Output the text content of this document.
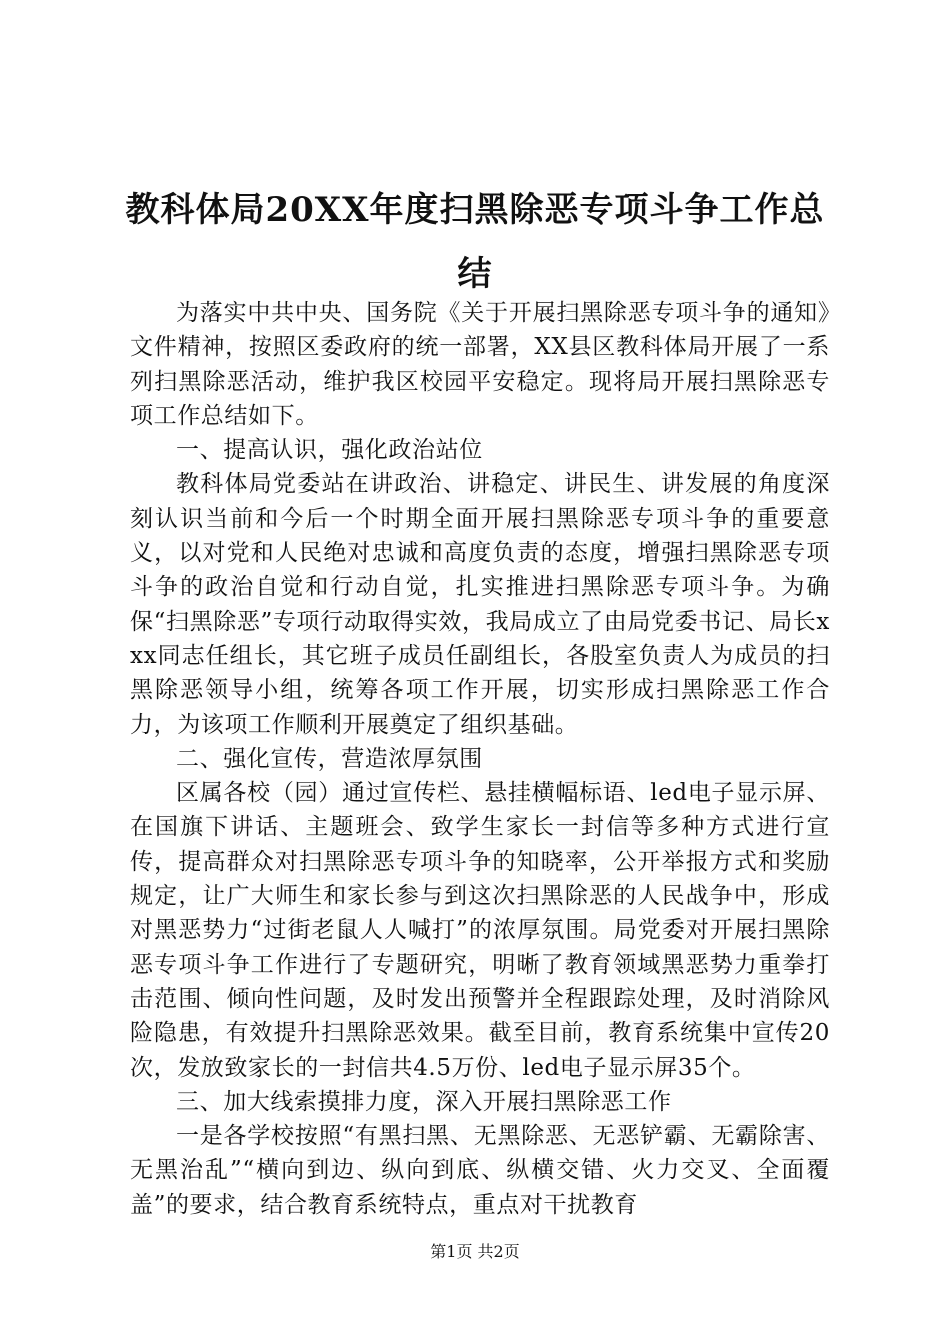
教科体局20XX年度扫黑除恶专项斗争工作总结

为落实中共中央、国务院《关于开展扫黑除恶专项斗争的通知》文件精神，按照区委政府的统一部署，XX县区教科体局开展了一系列扫黑除恶活动，维护我区校园平安稳定。现将局开展扫黑除恶专项工作总结如下。

一、提高认识，强化政治站位

教科体局党委站在讲政治、讲稳定、讲民生、讲发展的角度深刻认识当前和今后一个时期全面开展扫黑除恶专项斗争的重要意义，以对党和人民绝对忠诚和高度负责的态度，增强扫黑除恶专项斗争的政治自觉和行动自觉，扎实推进扫黑除恶专项斗争。为确保“扫黑除恶”专项行动取得实效，我局成立了由局党委书记、局长xxx同志任组长，其它班子成员任副组长，各股室负责人为成员的扫黑除恶领导小组，统筹各项工作开展，切实形成扫黑除恶工作合力，为该项工作顺利开展奠定了组织基础。

二、强化宣传，营造浓厚氛围

区属各校（园）通过宣传栏、悬挂横幅标语、led电子显示屏、在国旗下讲话、主题班会、致学生家长一封信等多种方式进行宣传，提高群众对扫黑除恶专项斗争的知晓率，公开举报方式和奖励规定，让广大师生和家长参与到这次扫黑除恶的人民战争中，形成对黑恶势力“过街老鼠人人喊打”的浓厚氛围。局党委对开展扫黑除恶专项斗争工作进行了专题研究，明晰了教育领域黑恶势力重拳打击范围、倾向性问题，及时发出预警并全程跟踪处理，及时消除风险隐患，有效提升扫黑除恶效果。截至目前，教育系统集中宣传20次，发放致家长的一封信共4.5万份、led电子显示屏35个。

三、加大线索摸排力度，深入开展扫黑除恶工作

一是各学校按照“有黑扫黑、无黑除恶、无恶铲霸、无霸除害、无黑治乱”“横向到边、纵向到底、纵横交错、火力交叉、全面覆盖”的要求，结合教育系统特点，重点对干扰教育

第1页 共2页
